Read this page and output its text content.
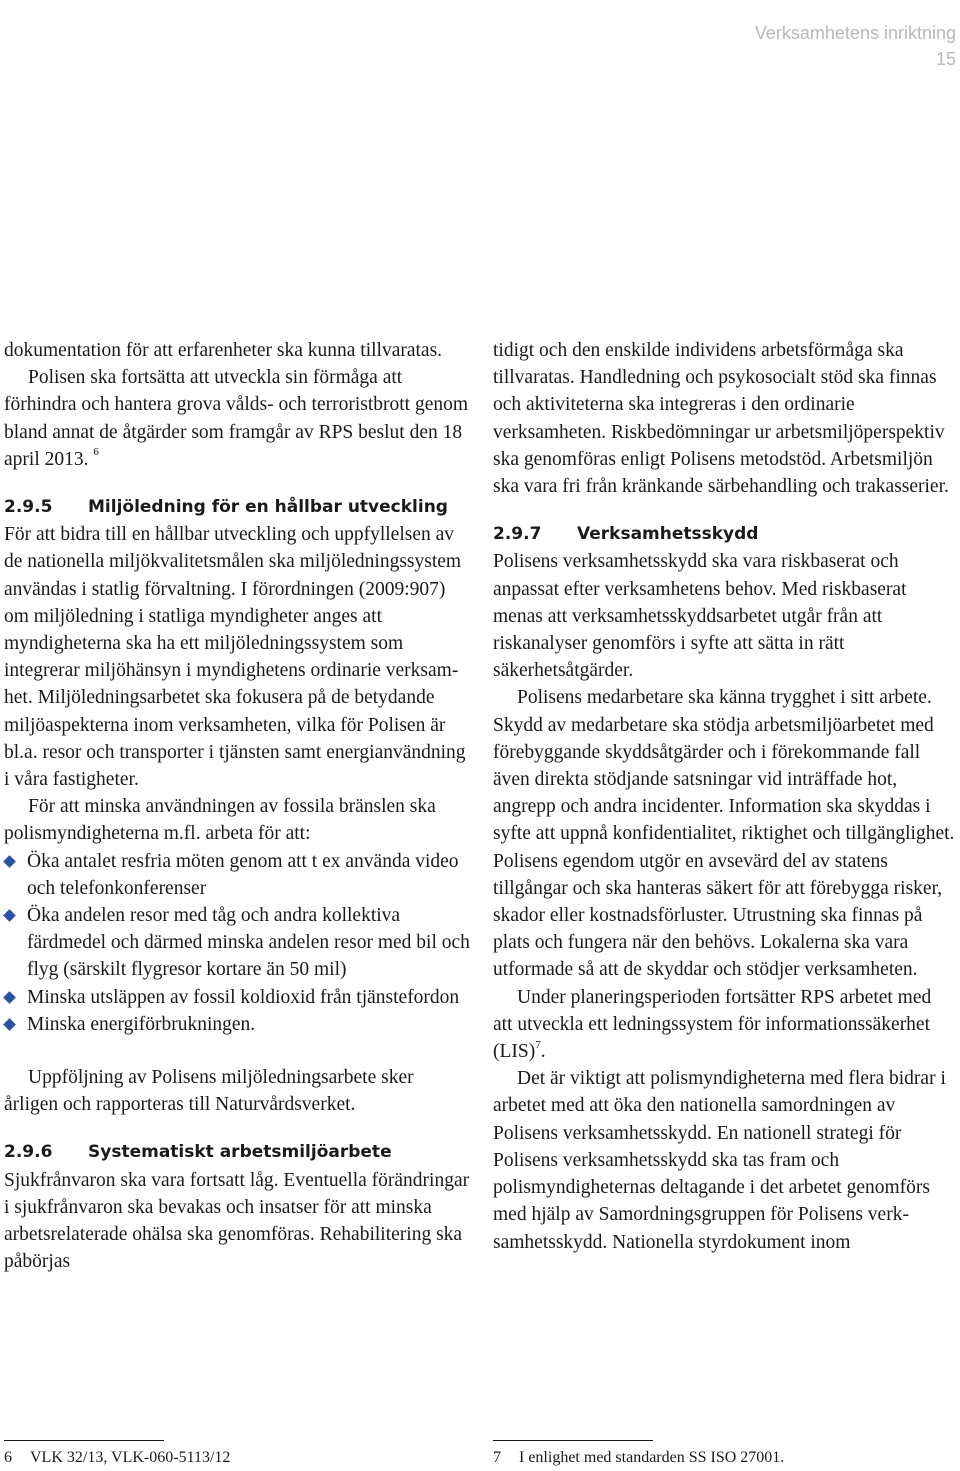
Verksamhetens inriktning
15

dokumentation för att erfarenheter ska kunna tillvaratas.

Polisen ska fortsätta att utveckla sin förmåga att förhindra och hantera grova vålds- och terroristbrott genom bland annat de åtgärder som framgår av RPS beslut den 18 april 2013. $^6$

2.9.5	Miljöledning för en hållbar utveckling

För att bidra till en hållbar utveckling och uppfyllelsen av de nationella miljökvalitetsmålen ska miljöledningssystem användas i statlig förvaltning. I förordningen (2009:907) om miljöledning i statliga myndigheter anges att myndigheterna ska ha ett miljöledningssystem som integrerar miljöhänsyn i myndighetens ordinarie verksamhet. Miljöledningsarbetet ska fokusera på de betydande miljöaspekterna inom verksamheten, vilka för Polisen är bl.a. resor och transporter i tjänsten samt energianvändning i våra fastigheter.

För att minska användningen av fossila bränslen ska polismyndigheterna m.fl. arbeta för att:

Öka antalet resfria möten genom att t ex använda video och telefonkonferenser
Öka andelen resor med tåg och andra kollektiva färdmedel och därmed minska andelen resor med bil och flyg (särskilt flygresor kortare än 50 mil)
Minska utsläppen av fossil koldioxid från tjänstefordon
Minska energiförbrukningen.

Uppföljning av Polisens miljöledningsarbete sker årligen och rapporteras till Naturvårdsverket.

2.9.6	Systematiskt arbetsmiljöarbete

Sjukfrånvaron ska vara fortsatt låg. Eventuella förändringar i sjukfrånvaron ska bevakas och insatser för att minska arbetsrelaterade ohälsa ska genomföras. Rehabilitering ska påbörjas

tidigt och den enskilde individens arbetsförmåga ska tillvaratas. Handledning och psykosocialt stöd ska finnas och aktiviteterna ska integreras i den ordinarie verksamheten. Riskbedömningar ur arbetsmiljöperspektiv ska genomföras enligt Polisens metodstöd. Arbetsmiljön ska vara fri från kränkande särbehandling och trakasserier.

2.9.7	Verksamhetsskydd

Polisens verksamhetsskydd ska vara riskbaserat och anpassat efter verksamhetens behov. Med riskbaserat menas att verksamhetsskyddsarbetet utgår från att riskanalyser genomförs i syfte att sätta in rätt säkerhetsåtgärder.

Polisens medarbetare ska känna trygghet i sitt arbete. Skydd av medarbetare ska stödja arbetsmiljöarbetet med förebyggande skyddsåtgärder och i förekommande fall även direkta stödjande satsningar vid inträffade hot, angrepp och andra incidenter. Information ska skyddas i syfte att uppnå konfidentialitet, riktighet och tillgänglighet. Polisens egendom utgör en avsevärd del av statens tillgångar och ska hanteras säkert för att förebygga risker, skador eller kostnadsförluster. Utrustning ska finnas på plats och fungera när den behövs. Lokalerna ska vara utformade så att de skyddar och stödjer verksamheten.

Under planeringsperioden fortsätter RPS arbetet med att utveckla ett ledningssystem för informationssäkerhet (LIS)$^7$.

Det är viktigt att polismyndigheterna med flera bidrar i arbetet med att öka den nationella samordningen av Polisens verksamhetsskydd. En nationell strategi för Polisens verksamhetsskydd ska tas fram och polismyndigheternas deltagande i det arbetet genomförs med hjälp av Samordningsgruppen för Polisens verksamhetsskydd. Nationella styrdokument inom

6 VLK 32/13, VLK-060-5113/12	7 I enlighet med standarden SS ISO 27001.
